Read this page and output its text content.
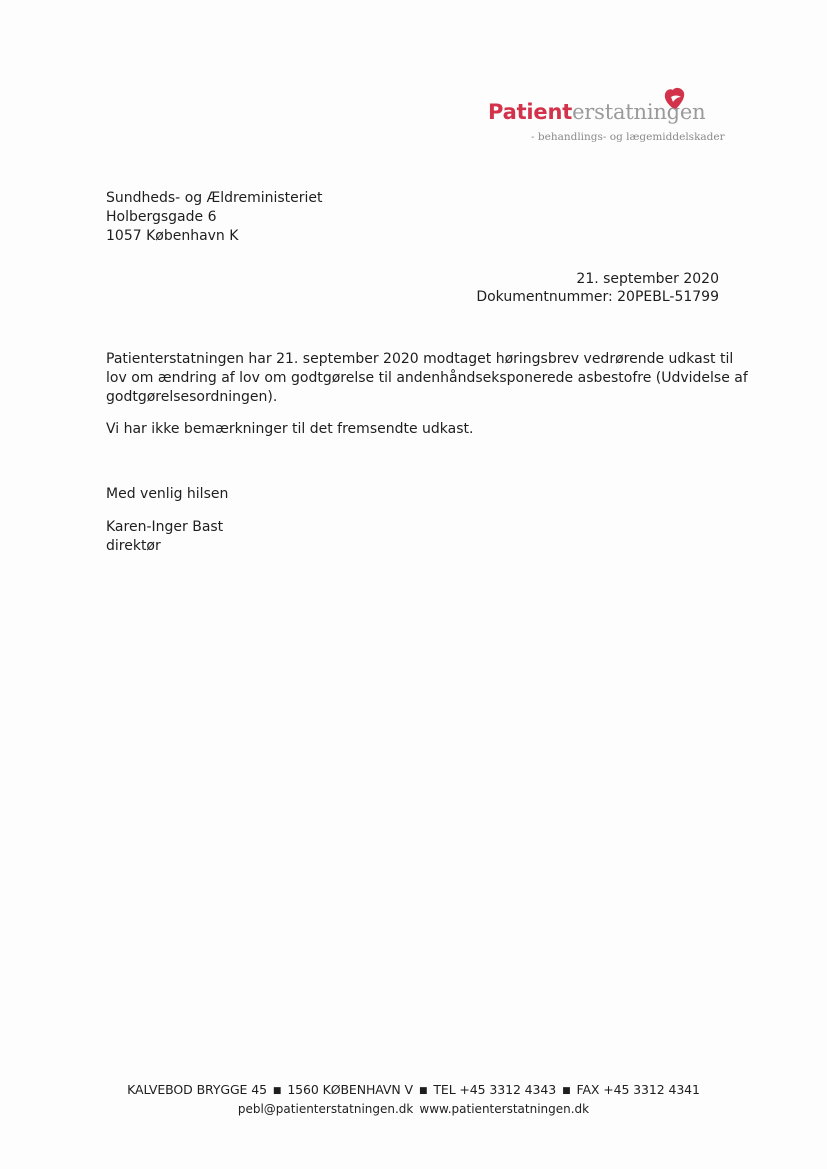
Patienterstatningen
- behandlings- og lægemiddelskader
Sundheds- og Ældreministeriet
Holbergsgade 6
1057 København K
21. september 2020
Dokumentnummer: 20PEBL-51799

Patienterstatningen har 21. september 2020 modtaget høringsbrev vedrørende udkast til
lov om ændring af lov om godtgørelse til andenhåndseksponerede asbestofre (Udvidelse af
godtgørelsesordningen).

Vi har ikke bemærkninger til det fremsendte udkast.

Med venlig hilsen
Karen-Inger Bast
direktør
KALVEBOD BRYGGE 45 ■ 1560 KØBENHAVN V ■ TEL +45 3312 4343 ■ FAX +45 3312 4341
pebl@patienterstatningen.dk www.patienterstatningen.dk
